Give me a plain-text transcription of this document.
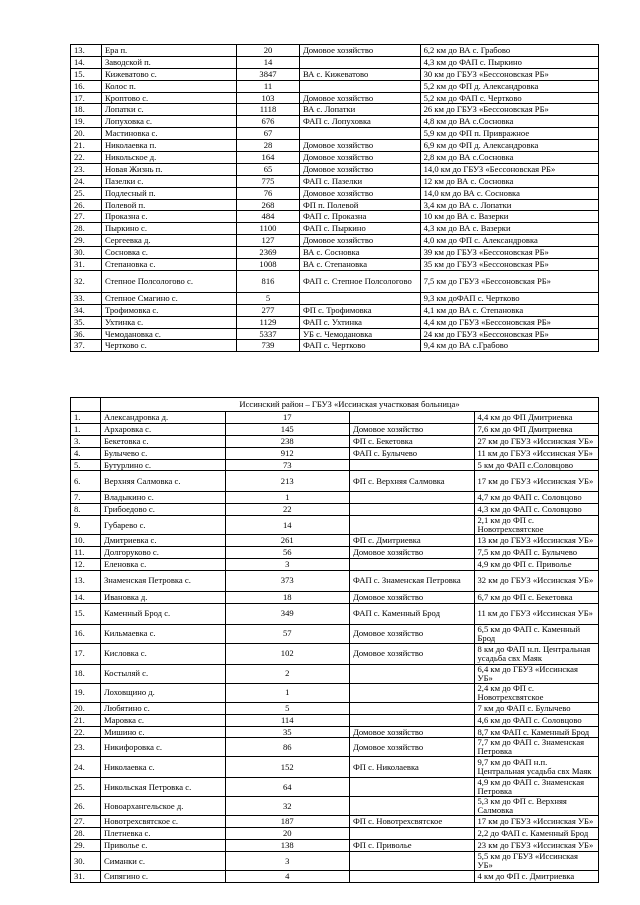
13.	Ера п.	20	Домовое хозяйство	6,2 км до ВА с. Грабово
14.	Заводской п.	14		4,3 км до ФАП с. Пыркино
15.	Кижеватово с.	3847	ВА с. Кижеватово	30 км до ГБУЗ «Бессоновская РБ»
16.	Колос п.	11		5,2 км до ФП д. Александровка
17.	Кроптово с.	103	Домовое хозяйство	5,2 км до ФАП с. Чертково
18.	Лопатки с.	1118	ВА с. Лопатки	26 км до ГБУЗ «Бессоновская РБ»
19.	Лопуховка с.	676	ФАП с. Лопуховка	4,8 км до ВА с.Сосновка
20.	Мастиновка с.	67		5,9 км до ФП п. Привражное
21.	Николаевка п.	28	Домовое хозяйство	6,9 км до ФП д. Александровка
22.	Никольское д.	164	Домовое хозяйство	2,8 км до ВА с.Сосновка
23.	Новая Жизнь п.	65	Домовое хозяйство	14,0 км до ГБУЗ «Бессоновская РБ»
24.	Пазелки с.	775	ФАП с. Пазелки	12 км до ВА с. Сосновка
25.	Подлесный п.	76	Домовое хозяйство	14,0 км до ВА с. Сосновка
26.	Полевой п.	268	ФП п. Полевой	3,4 км до ВА с. Лопатки
27.	Проказна с.	484	ФАП с. Проказна	10 км до ВА с. Вазерки
28.	Пыркино с.	1100	ФАП с. Пыркино	4,3 км до ВА с. Вазерки
29.	Сергеевка д.	127	Домовое хозяйство	4,0 км до ФП с. Александровка
30.	Сосновка с.	2369	ВА с. Сосновка	39 км до ГБУЗ «Бессоновская РБ»
31.	Степановка с.	1008	ВА с. Степановка	35 км до ГБУЗ «Бессоновская РБ»
32.	Степное Полсологово с.	816	ФАП с. Степное Полсологово	7,5 км до ГБУЗ «Бессоновская РБ»
33.	Степное Смагино с.	5		9,3 км доФАП с. Чертково
34.	Трофимовка с.	277	ФП с. Трофимовка	4,1 км до ВА с. Степановка
35.	Ухтинка с.	1129	ФАП с. Ухтинка	4,4 км до ГБУЗ «Бессоновская РБ»
36.	Чемодановка с.	5337	УБ с. Чемодановка	24 км до ГБУЗ «Бессоновская РБ»
37.	Чертково с.	739	ФАП с. Чертково	9,4 км до ВА с.Грабово
	Иссинский район – ГБУЗ «Иссинская участковая больница»			
1.	Александровка д.	17		4,4 км до ФП Дмитриевка
1.	Архаровка с.	145	Домовое хозяйство	7,6 км до ФП Дмитриевка
3.	Бекетовка с.	238	ФП с. Бекетовка	27 км до ГБУЗ «Иссинская УБ»
4.	Булычево с.	912	ФАП с. Булычево	11 км до ГБУЗ «Иссинская УБ»
5.	Бутурлино с.	73		5 км до ФАП с.Соловцово
6.	Верхняя Салмовка с.	213	ФП с. Верхняя Салмовка	17 км до ГБУЗ «Иссинская УБ»
7.	Владыкино с.	1		4,7 км до ФАП с. Соловцово
8.	Грибоедово с.	22		4,3 км до ФАП с. Соловцово
9.	Губарево с.	14		2,1 км до ФП с. Новотрехсвятское
10.	Дмитриевка с.	261	ФП с. Дмитриевка	13 км до ГБУЗ «Иссинская УБ»
11.	Долгоруково с.	56	Домовое хозяйство	7,5 км до ФАП с. Булычево
12.	Еленовка с.	3		4,9 км до ФП с. Приволье
13.	Знаменская Петровка с.	373	ФАП с. Знаменская Петровка	32 км до ГБУЗ «Иссинская УБ»
14.	Ивановка д.	18	Домовое хозяйство	6,7 км до ФП с. Бекетовка
15.	Каменный Брод с.	349	ФАП с. Каменный Брод	11 км до ГБУЗ «Иссинская УБ»
16.	Кильмаевка с.	57	Домовое хозяйство	6,5 км до ФАП с. Каменный Брод
17.	Кисловка с.	102	Домовое хозяйство	8 км до ФАП н.п. Центральная усадьба свх Маяк
18.	Костыляй с.	2		6,4 км до ГБУЗ «Иссинская УБ»
19.	Лоховщино д.	1		2,4 км до ФП с. Новотрехсвятское
20.	Любятино с.	5		7 км до ФАП с. Булычево
21.	Маровка с.	114		4,6 км до ФАП с. Соловцово
22.	Мишино с.	35	Домовое хозяйство	8,7 км ФАП с. Каменный Брод
23.	Никифоровка с.	86	Домовое хозяйство	7,7 км до ФАП с. Знаменская Петровка
24.	Николаевка с.	152	ФП с. Николаевка	9,7 км до ФАП н.п. Центральная усадьба свх Маяк
25.	Никольская Петровка с.	64		4,9 км до ФАП с. Знаменская Петровка
26.	Новоархангельское д.	32		5,3 км до ФП с. Верхняя Салмовка
27.	Новотрехсвятское с.	187	ФП с. Новотрехсвятское	17 км до ГБУЗ «Иссинская УБ»
28.	Плетневка с.	20		2,2 до ФАП с. Каменный Брод
29.	Приволье с.	138	ФП с. Приволье	23 км до ГБУЗ «Иссинская УБ»
30.	Симанки с.	3		5,5 км до ГБУЗ «Иссинская УБ»
31.	Сипягино с.	4		4 км до ФП с. Дмитриевка
